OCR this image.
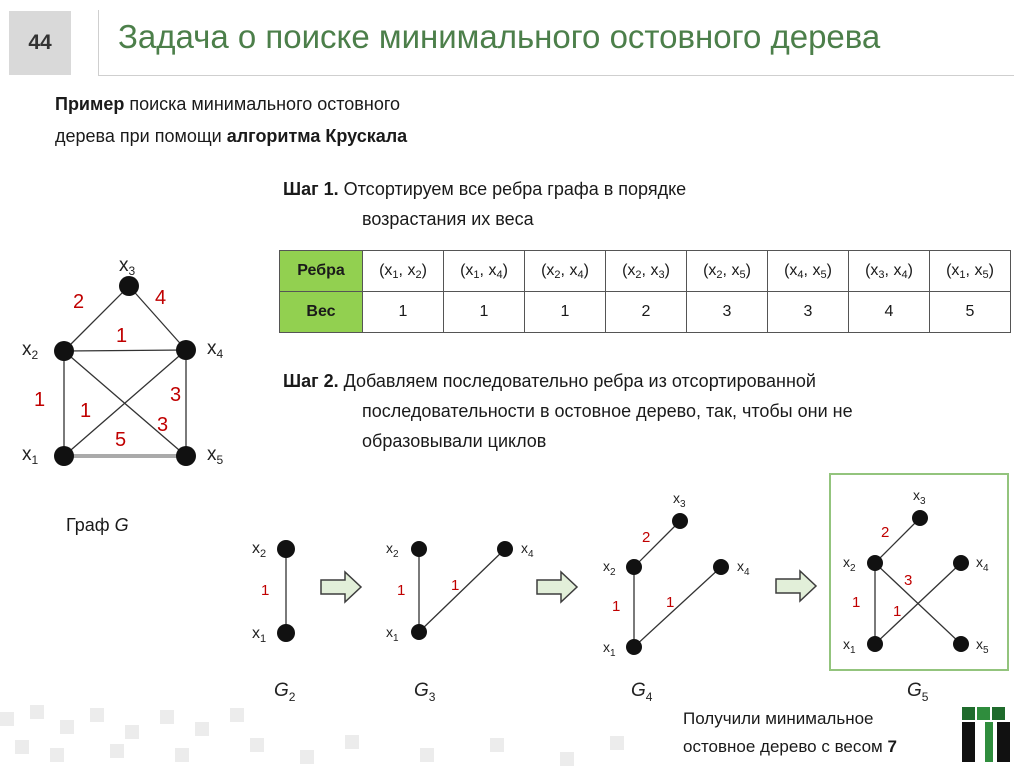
44 Задача о поиске минимального остовного дерева
Пример поиска минимального остовного
дерева при помощи алгоритма Крускала
Шаг 1. Отсортируем все ребра графа в порядке
возрастания их веса
Ребра	($x_1$, $x_2$)	($x_1$, $x_4$)	($x_2$, $x_4$)	($x_2$, $x_3$)	($x_2$, $x_5$)	($x_4$, $x_5$)	($x_3$, $x_4$)	($x_1$, $x_5$)
Вес	1	1	1	2	3	3	4	5
Шаг 2. Добавляем последовательно ребра из отсортированной
последовательности в остовное дерево, так, чтобы они не
образовывали циклов
Граф G
Получили минимальное
остовное дерево с весом 7
$x_3$
$x_2$	$x_4$
$x_1$	$x_5$
2	4
1
1	3
1
3
5
$x_2$
$x_1$
1
$x_2$	$x_4$
$x_1$
1	1
$x_3$
$x_2$	$x_4$
$x_1$
2
1	1
$x_3$
$x_2$	$x_4$
$x_1$	$x_5$
2
3
1
1
$G_2$	$G_3$	$G_4$	$G_5$
